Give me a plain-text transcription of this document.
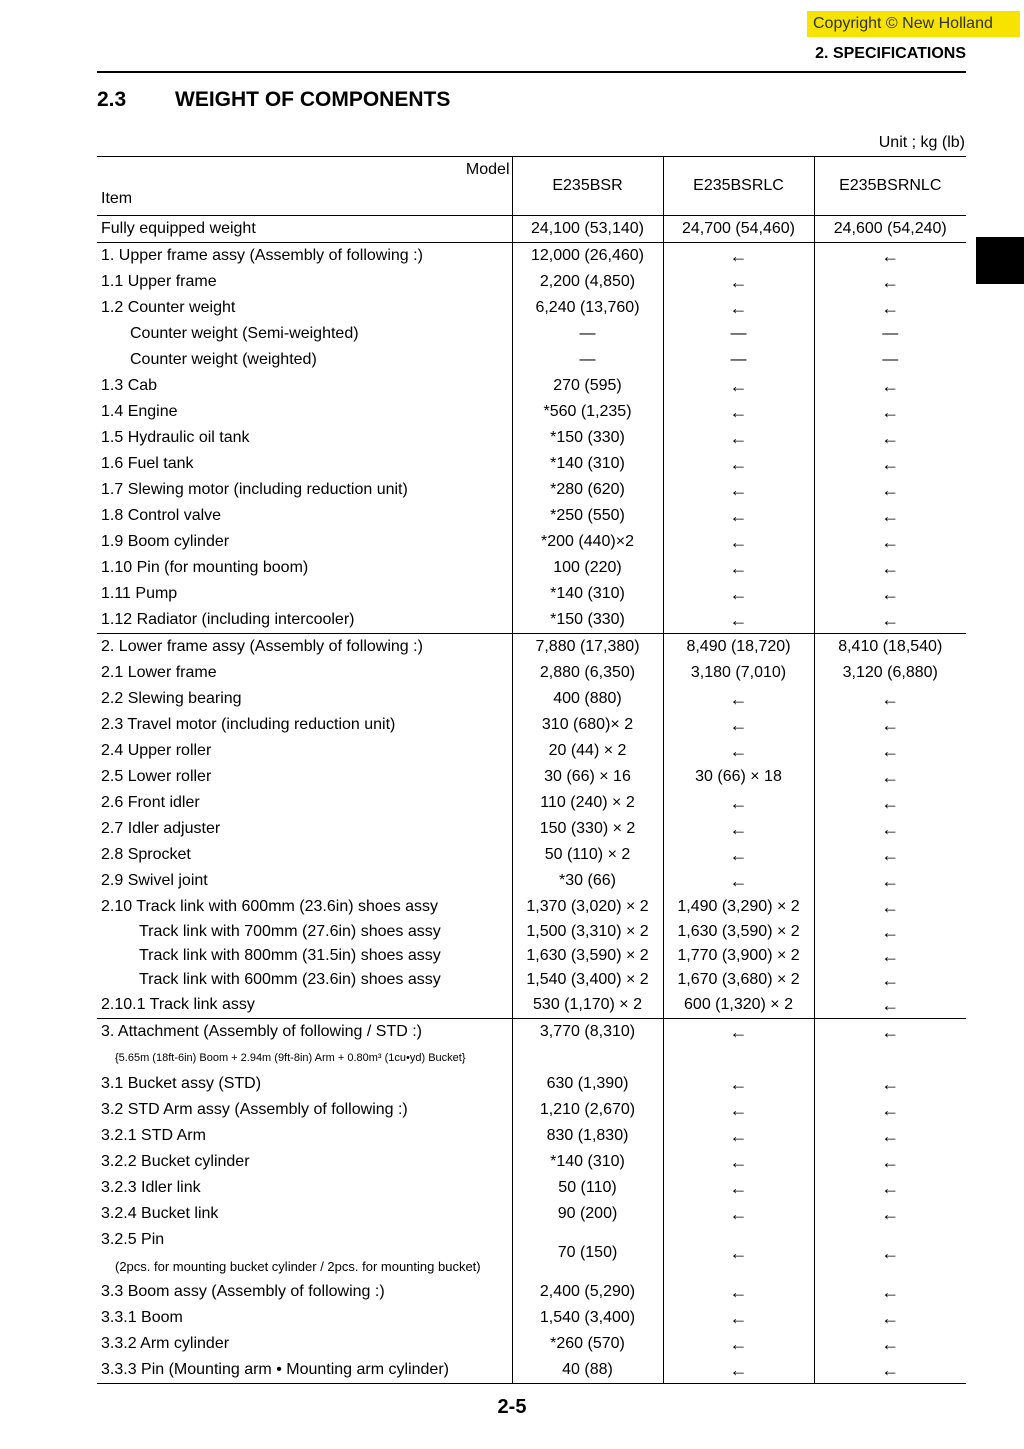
Copyright © New Holland
2. SPECIFICATIONS
2.3 WEIGHT OF COMPONENTS
Unit ; kg (lb)
Model
Item	E235BSR	E235BSRLC	E235BSRNLC
Fully equipped weight	24,100 (53,140)	24,700 (54,460)	24,600 (54,240)
1. Upper frame assy (Assembly of following :)	12,000 (26,460)	←	←
1.1 Upper frame	2,200 (4,850)	←	←
1.2 Counter weight	6,240 (13,760)	←	←
Counter weight (Semi-weighted)	—	—	—
Counter weight (weighted)	—	—	—
1.3 Cab	270 (595)	←	←
1.4 Engine	*560 (1,235)	←	←
1.5 Hydraulic oil tank	*150 (330)	←	←
1.6 Fuel tank	*140 (310)	←	←
1.7 Slewing motor (including reduction unit)	*280 (620)	←	←
1.8 Control valve	*250 (550)	←	←
1.9 Boom cylinder	*200 (440)×2	←	←
1.10 Pin (for mounting boom)	100 (220)	←	←
1.11 Pump	*140 (310)	←	←
1.12 Radiator (including intercooler)	*150 (330)	←	←
2. Lower frame assy (Assembly of following :)	7,880 (17,380)	8,490 (18,720)	8,410 (18,540)
2.1 Lower frame	2,880 (6,350)	3,180 (7,010)	3,120 (6,880)
2.2 Slewing bearing	400 (880)	←	←
2.3 Travel motor (including reduction unit)	310 (680)× 2	←	←
2.4 Upper roller	20 (44) × 2	←	←
2.5 Lower roller	30 (66) × 16	30 (66) × 18	←
2.6 Front idler	110 (240) × 2	←	←
2.7 Idler adjuster	150 (330) × 2	←	←
2.8 Sprocket	50 (110) × 2	←	←
2.9 Swivel joint	*30 (66)	←	←
2.10 Track link with 600mm (23.6in) shoes assy	1,370 (3,020) × 2	1,490 (3,290) × 2	←
Track link with 700mm (27.6in) shoes assy	1,500 (3,310) × 2	1,630 (3,590) × 2	←
Track link with 800mm (31.5in) shoes assy	1,630 (3,590) × 2	1,770 (3,900) × 2	←
Track link with 600mm (23.6in) shoes assy	1,540 (3,400) × 2	1,670 (3,680) × 2	←
2.10.1 Track link assy	530 (1,170) × 2	600 (1,320) × 2	←
3. Attachment (Assembly of following / STD :)	3,770 (8,310)	←	←
{5.65m (18ft-6in) Boom + 2.94m (9ft-8in) Arm + 0.80m³ (1cu•yd) Bucket}			
3.1 Bucket assy (STD)	630 (1,390)	←	←
3.2 STD Arm assy (Assembly of following :)	1,210 (2,670)	←	←
3.2.1 STD Arm	830 (1,830)	←	←
3.2.2 Bucket cylinder	*140 (310)	←	←
3.2.3 Idler link	50 (110)	←	←
3.2.4 Bucket link	90 (200)	←	←
3.2.5 Pin	70 (150)	←	←
(2pcs. for mounting bucket cylinder / 2pcs. for mounting bucket)			
3.3 Boom assy (Assembly of following :)	2,400 (5,290)	←	←
3.3.1 Boom	1,540 (3,400)	←	←
3.3.2 Arm cylinder	*260 (570)	←	←
3.3.3 Pin (Mounting arm • Mounting arm cylinder)	40 (88)	←	←
2-5
